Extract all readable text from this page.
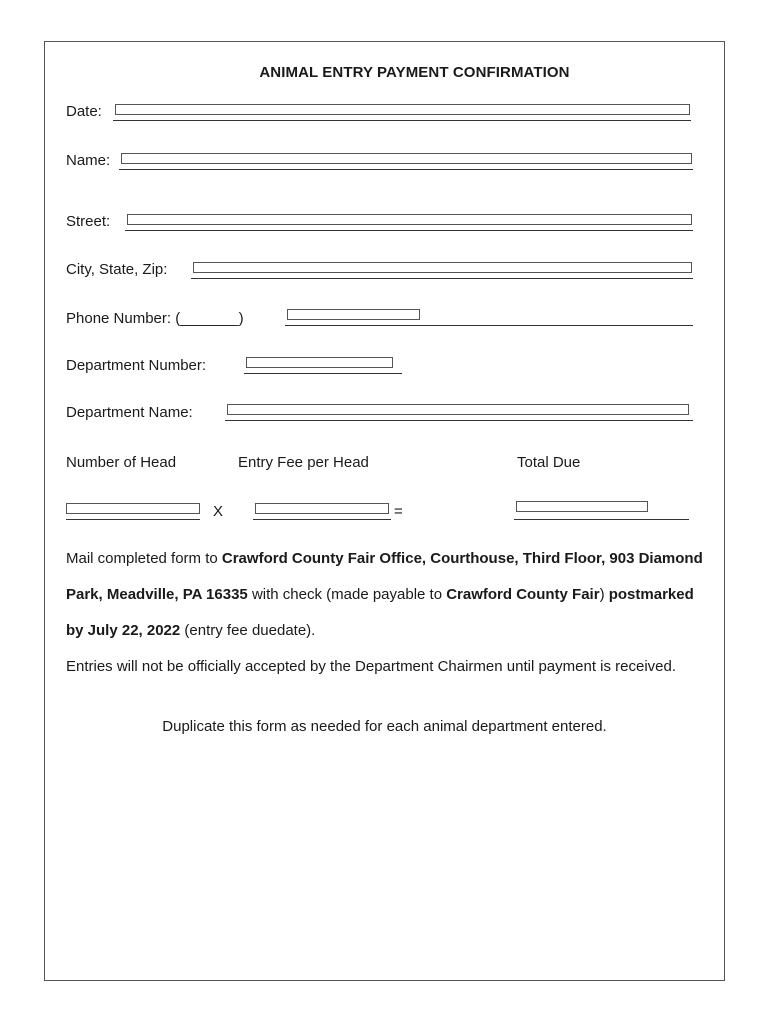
ANIMAL ENTRY PAYMENT CONFIRMATION
Date:
Name:
Street:
City, State, Zip:
Phone Number: (_______)
Department Number:
Department Name:
Number of Head	Entry Fee per Head	Total Due
X	=
Mail completed form to Crawford County Fair Office, Courthouse, Third Floor, 903 Diamond Park, Meadville, PA 16335 with check (made payable to Crawford County Fair) postmarked by July 22, 2022 (entry fee duedate).
Entries will not be officially accepted by the Department Chairmen until payment is received.
Duplicate this form as needed for each animal department entered.
